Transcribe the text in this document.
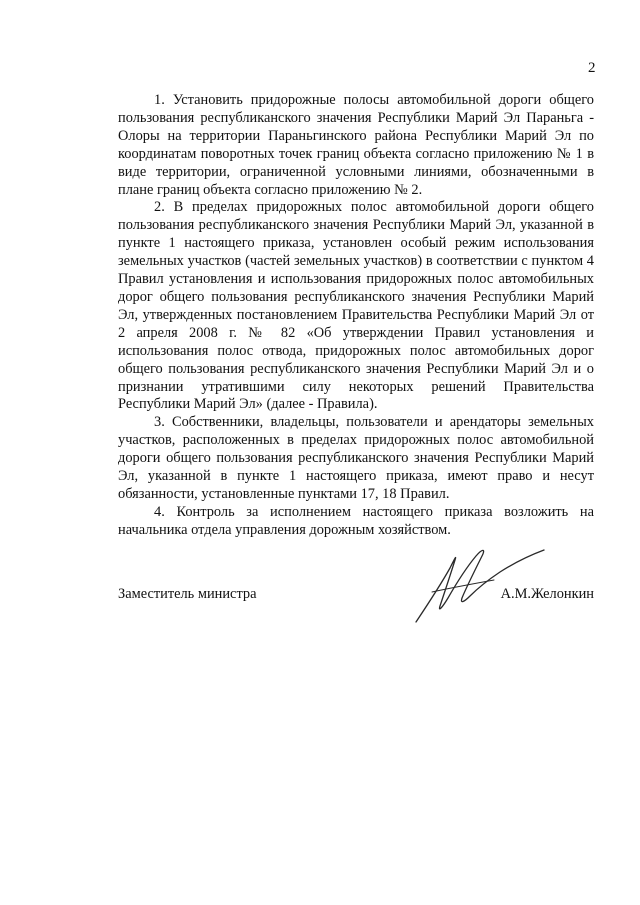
2

1. Установить придорожные полосы автомобильной дороги общего пользования республиканского значения Республики Марий Эл Параньга - Олоры на территории Параньгинского района Республики Марий Эл по координатам поворотных точек границ объекта согласно приложению № 1 в виде территории, ограниченной условными линиями, обозначенными в плане границ объекта согласно приложению № 2.

2. В пределах придорожных полос автомобильной дороги общего пользования республиканского значения Республики Марий Эл, указанной в пункте 1 настоящего приказа, установлен особый режим использования земельных участков (частей земельных участков) в соответствии с пунктом 4 Правил установления и использования придорожных полос автомобильных дорог общего пользования республиканского значения Республики Марий Эл, утвержденных постановлением Правительства Республики Марий Эл от 2 апреля 2008 г. № 82 «Об утверждении Правил установления и использования полос отвода, придорожных полос автомобильных дорог общего пользования республиканского значения Республики Марий Эл и о признании утратившими силу некоторых решений Правительства Республики Марий Эл» (далее - Правила).

3. Собственники, владельцы, пользователи и арендаторы земельных участков, расположенных в пределах придорожных полос автомобильной дороги общего пользования республиканского значения Республики Марий Эл, указанной в пункте 1 настоящего приказа, имеют право и несут обязанности, установленные пунктами 17, 18 Правил.

4. Контроль за исполнением настоящего приказа возложить на начальника отдела управления дорожным хозяйством.

Заместитель министра	А.М.Желонкин
